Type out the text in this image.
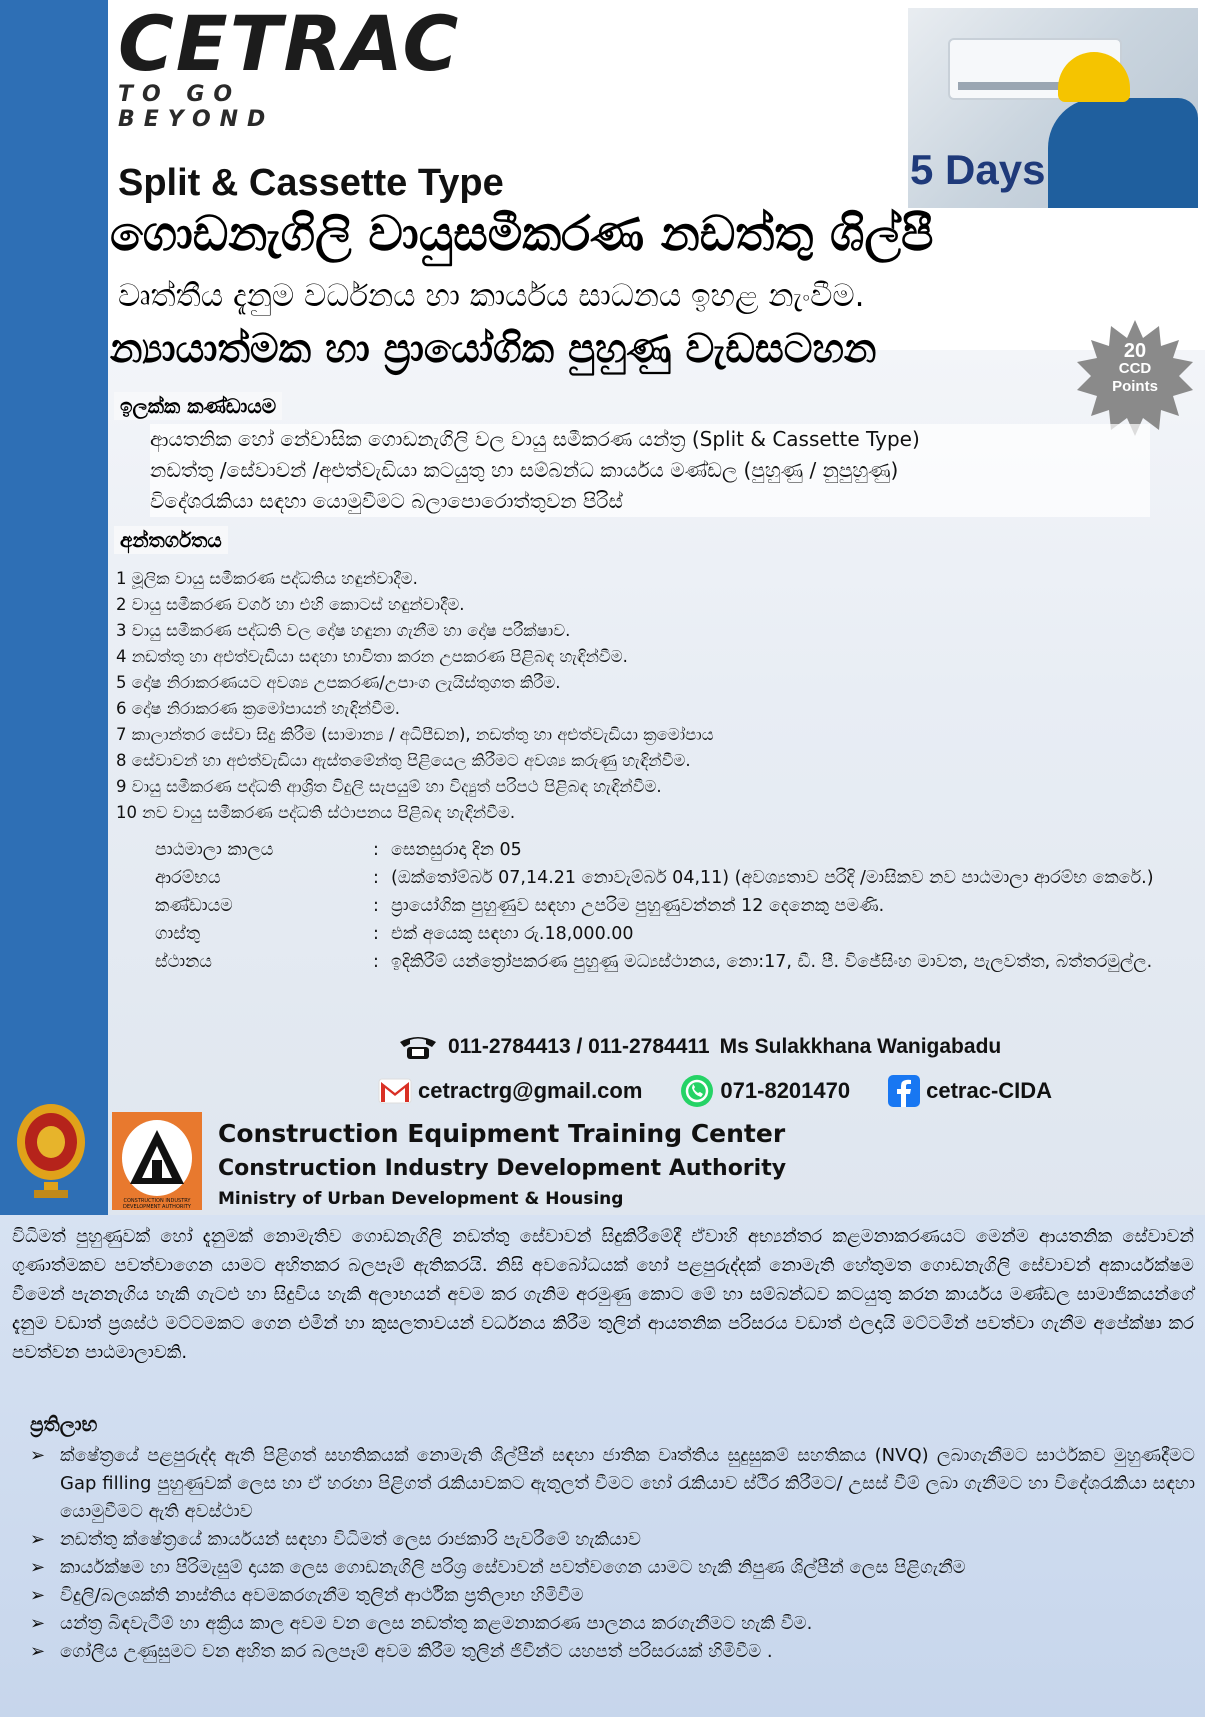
CETRAC
TO GO BEYOND
5 Days
Split & Cassette Type
ගොඩනැගිලි වායුසමීකරණ නඩත්තු ශිල්පී
වෘත්තීය දැනුම වර්ධනය හා කාර්යය සාධනය ඉහළ නැංවීම.
න්‍යායාත්මක හා ප්‍රායෝගික පුහුණු වැඩසටහන	20
CCD
Points
ඉලක්ක කණ්ඩායම
ආයතනික හෝ නේවාසික ගොඩනැගිලි වල වායු සමීකරණ යන්ත්‍ර (Split & Cassette Type)
නඩත්තු /සේවාවන් /අළුත්වැඩියා කටයුතු හා සම්බන්ධ කාර්යය මණ්ඩල (පුහුණු / නුපුහුණු)
විදේශරැකියා සඳහා යොමුවීමට බලාපොරොත්තුවන පිරිස්
අන්තර්ගතය
1 මූලික වායු සමීකරණ පද්ධතිය හඳුන්වාදීම.
2 වායු සමීකරණ වර්ග හා එහි කොටස් හඳුන්වාදීම.
3 වායු සමීකරණ පද්ධති වල දෝෂ හඳුනා ගැනීම හා දෝෂ පරීක්ෂාව.
4 නඩත්තු හා අළුත්වැඩියා සඳහා භාවිතා කරන උපකරණ පිළිබඳ හැඳින්වීම.
5 දෝෂ නිරාකරණයට අවශ්‍ය උපකරණ/උපාංග ලැයිස්තුගත කිරීම.
6 දෝෂ නිරාකරණ ක්‍රමෝපායන් හැඳින්වීම.
7 කාලාන්තර සේවා සිදු කිරීම (සාමාන්‍ය / අධිපීඩන), නඩත්තු හා අළුත්වැඩියා ක්‍රමෝපාය
8 සේවාවන් හා අළුත්වැඩියා ඇස්තමේන්තු පිළියෙල කිරීමට අවශ්‍ය කරුණු හැඳින්වීම.
9 වායු සමීකරණ පද්ධති ආශ්‍රිත විදුලි සැපයුම් හා විද්‍යුත් පරිපථ පිළිබඳ හැඳින්වීම.
10 නව වායු සමීකරණ පද්ධති ස්ථාපනය පිළිබඳ හැඳින්වීම.
පාඨමාලා කාලය	: සෙනසුරාදා දින 05
ආරම්භය	: (ඔක්තෝම්බර් 07,14.21 නොවැම්බර් 04,11) (අවශ්‍යතාව පරිදි /මාසිකව නව පාඨමාලා ආරම්භ කෙරේ.)
කණ්ඩායම	: ප්‍රායෝගික පුහුණුව සඳහා උපරිම පුහුණුවන්නන් 12 දෙනෙකු පමණි.
ගාස්තු	: එක් අයෙකු සඳහා රු.18,000.00
ස්ථානය	: ඉදිකිරීම් යන්ත්‍රෝපකරණ පුහුණු මධ්‍යස්ථානය, නො:17, ඩී. පී. විජේසිංහ මාවත, පැලවත්ත, බත්තරමුල්ල.
011-2784413 / 011-2784411 Ms Sulakkhana Wanigabadu
cetractrg@gmail.com	071-8201470	cetrac-CIDA
CONSTRUCTION INDUSTRY DEVELOPMENT AUTHORITY
Construction Equipment Training Center
Construction Industry Development Authority
Ministry of Urban Development & Housing
විධිමත් පුහුණුවක් හෝ දැනුමක් නොමැතිව ගොඩනැගිලි නඩත්තු සේවාවන් සිදුකිරීමේදී ඒවාහි අභ්‍යන්තර කළමනාකරණයට මෙන්ම ආයතනික සේවාවන් ගුණාත්මකව පවත්වාගෙන යාමට අහිතකර බලපෑම් ඇතිකරයි. නිසි අවබෝධයක් හෝ පළපුරුද්දක් නොමැති හේතුමත ගොඩනැගිලි සේවාවන් අකාර්යක්ෂම වීමෙන් පැනනැගිය හැකි ගැටළු හා සිදුවිය හැකි අලාභයන් අවම කර ගැනිම අරමුණු කොට මේ හා සම්බන්ධව කටයුතු කරන කාර්යය මණ්ඩල සාමාජිකයන්ගේ දැනුම වඩාත් ප්‍රශස්ථ මට්ටමකට ගෙන එමින් හා කුසලතාවයන් වර්ධනය කිරීම තුලින් ආයතනික පරිසරය වඩාත් ඵලදායි මට්ටමින් පවත්වා ගැනීම අපේක්ෂා කර පවත්වන පාඨමාලාවකි.
ප්‍රතිලාභ
➢ ක්ෂේත්‍රයේ පළපුරුද්ද ඇති පිළිගත් සහතිකයක් නොමැති ශිල්පීන් සඳහා ජාතික වෘත්තිය සුදුසුකම් සහතිකය (NVQ) ලබාගැනීමට සාර්ථකව මුහුණදීමට Gap filling පුහුණුවක් ලෙස හා ඒ හරහා පිළිගත් රැකියාවකට ඇතුලත් වීමට හෝ රැකියාව ස්ථිර කිරීමට/ උසස් වීම් ලබා ගැනීමට හා විදේශරැකියා සඳහා යොමුවීමට ඇති අවස්ථාව
➢ නඩත්තු ක්ෂේත්‍රයේ කාර්යයන් සඳහා විධිමත් ලෙස රාජකාරි පැවරීමේ හැකියාව
➢ කාර්යක්ෂම හා පිරිමැසුම් දායක ලෙස ගොඩනැගිලි පරිශ්‍ර සේවාවන් පවත්වගෙන යාමට හැකි නිපුණ ශිල්පීන් ලෙස පිළිගැනීම
➢ විදුලි/බලශක්ති නාස්තිය අවමකරගැනීම තුලින් ආර්ථික ප්‍රතිලාභ හිමිවීම
➢ යන්ත්‍ර බිඳවැටීම් හා අක්‍රිය කාල අවම වන ලෙස නඩත්තු කළමනාකරණ පාලනය කරගැනීමට හැකි වීම.
➢ ගෝලීය උණුසුමට වන අහිත කර බලපෑම් අවම කිරීම තුලින් ජිවීන්ට යහපත් පරිසරයක් හිමිවීම .
